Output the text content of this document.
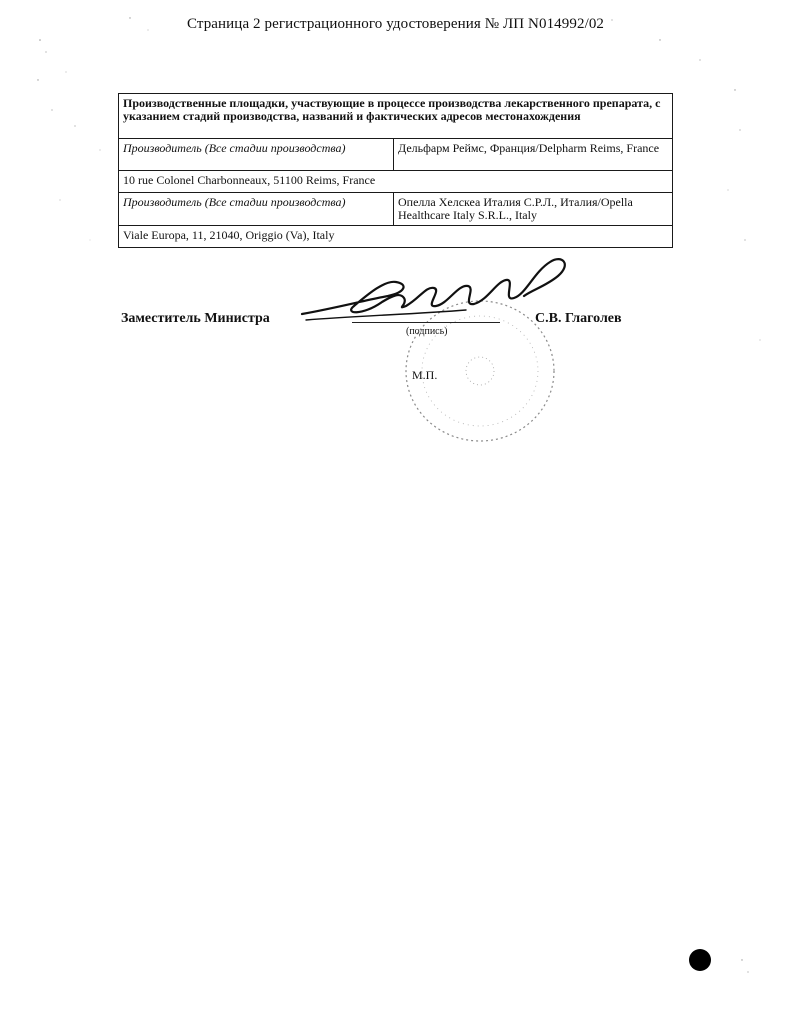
Страница 2 регистрационного удостоверения № ЛП N014992/02
Производственные площадки, участвующие в процессе производства лекарственного препарата, с указанием стадий производства, названий и фактических адресов местонахождения	
Производитель (Все стадии производства)	Дельфарм Реймс, Франция/Delpharm Reims, France
10 rue Colonel Charbonneaux, 51100 Reims, France	
Производитель (Все стадии производства)	Опелла Хелскеа Италия С.Р.Л., Италия/Opella Healthcare Italy S.R.L., Italy
Viale Europa, 11, 21040, Origgio (Va), Italy	
Заместитель Министра
(подпись)
С.В. Глаголев
М.П.
